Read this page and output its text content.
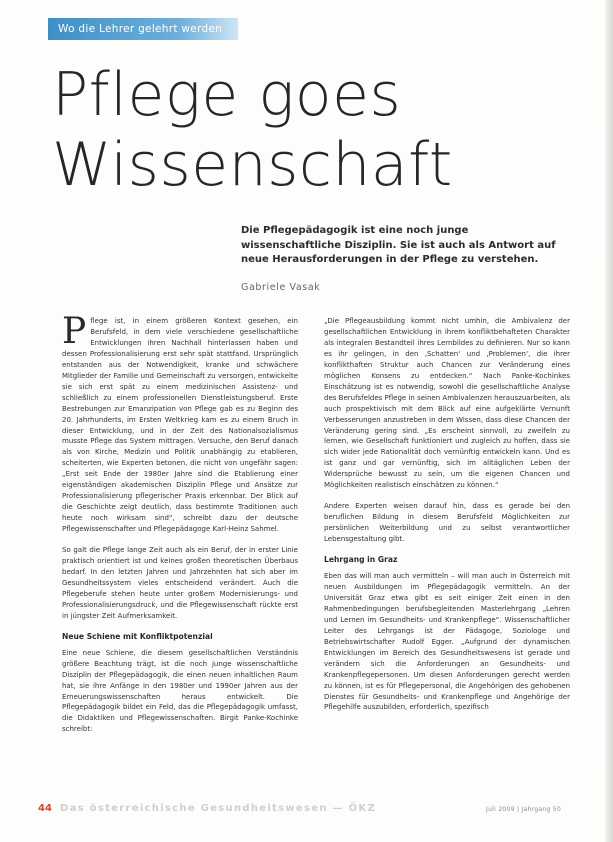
Wo die Lehrer gelehrt werden
Pflege goes
Wissenschaft

Die Pflegepädagogik ist eine noch junge wissenschaftliche Disziplin. Sie ist auch als Antwort auf neue Herausforderungen in der Pflege zu verstehen.

Gabriele Vasak

Pflege ist, in einem größeren Kontext gesehen, ein Berufsfeld, in dem viele verschiedene gesellschaftliche Entwicklungen ihren Nachhall hinterlassen haben und dessen Professionalisierung erst sehr spät stattfand. Ursprünglich entstanden aus der Notwendigkeit, kranke und schwächere Mitglieder der Familie und Gemeinschaft zu versorgen, entwickelte sie sich erst spät zu einem medizinischen Assistenz- und schließlich zu einem professionellen Dienstleistungsberuf. Erste Bestrebungen zur Emanzipation von Pflege gab es zu Beginn des 20. Jahrhunderts, im Ersten Weltkrieg kam es zu einem Bruch in dieser Entwicklung, und in der Zeit des Nationalsozialismus musste Pflege das System mittragen. Versuche, den Beruf danach als von Kirche, Medizin und Politik unabhängig zu etablieren, scheiterten, wie Experten betonen, die nicht von ungefähr sagen: „Erst seit Ende der 1980er Jahre sind die Etablierung einer eigenständigen akademischen Disziplin Pflege und Ansätze zur Professionalisierung pflegerischer Praxis erkennbar. Der Blick auf die Geschichte zeigt deutlich, dass bestimmte Traditionen auch heute noch wirksam sind“, schreibt dazu der deutsche Pflegewissenschafter und Pflegepädagoge Karl-Heinz Sahmel.

So galt die Pflege lange Zeit auch als ein Beruf, der in erster Linie praktisch orientiert ist und keines großen theoretischen Überbaus bedarf. In den letzten Jahren und Jahrzehnten hat sich aber im Gesundheitssystem vieles entscheidend verändert. Auch die Pflegeberufe stehen heute unter großem Modernisierungs- und Professionalisierungsdruck, und die Pflegewissenschaft rückte erst in jüngster Zeit Aufmerksamkeit.

Neue Schiene mit Konfliktpotenzial

Eine neue Schiene, die diesem gesellschaftlichen Verständnis größere Beachtung trägt, ist die noch junge wissenschaftliche Disziplin der Pflegepädagogik, die einen neuen inhaltlichen Raum hat, sie ihre Anfänge in den 1980er und 1990er Jahren aus der Erneuerungswissenschaften heraus entwickelt. Die Pflegepädagogik bildet ein Feld, das die Pflegepädagogik umfasst, die Didaktiken und Pflegewissenschaften. Birgit Panke-Kochinke schreibt:

„Die Pflegeausbildung kommt nicht umhin, die Ambivalenz der gesellschaftlichen Entwicklung in ihrem konfliktbehafteten Charakter als integralen Bestandteil ihres Lernbildes zu definieren. Nur so kann es ihr gelingen, in den ‚Schatten‘ und ‚Problemen‘, die ihrer konflikthaften Struktur auch Chancen zur Veränderung eines möglichen Konsens zu entdecken.“ Nach Panke-Kochinkes Einschätzung ist es notwendig, sowohl die gesellschaftliche Analyse des Berufsfeldes Pflege in seinen Ambivalenzen herauszuarbeiten, als auch prospektivisch mit dem Blick auf eine aufgeklärte Vernunft Verbesserungen anzustreben in dem Wissen, dass diese Chancen der Veränderung gering sind. „Es erscheint sinnvoll, zu zweifeln zu lernen, wie Gesellschaft funktioniert und zugleich zu hoffen, dass sie sich wider jede Rationalität doch vernünftig entwickeln kann. Und es ist ganz und gar vernünftig, sich im alltäglichen Leben der Widersprüche bewusst zu sein, um die eigenen Chancen und Möglichkeiten realistisch einschätzen zu können.“

Andere Experten weisen darauf hin, dass es gerade bei den beruflichen Bildung in diesem Berufsfeld Möglichkeiten zur persönlichen Weiterbildung und zu selbst verantwortlicher Lebensgestaltung gibt.

Lehrgang in Graz

Eben das will man auch vermitteln – will man auch in Österreich mit neuen Ausbildungen im Pflegepädagogik vermitteln. An der Universität Graz etwa gibt es seit einiger Zeit einen in den Rahmenbedingungen berufsbegleitenden Masterlehrgang „Lehren und Lernen im Gesundheits- und Krankenpflege“. Wissenschaftlicher Leiter des Lehrgangs ist der Pädagoge, Soziologe und Betriebswirtschafter Rudolf Egger. „Aufgrund der dynamischen Entwicklungen im Bereich des Gesundheitswesens ist gerade und verändern sich die Anforderungen an Gesundheits- und Krankenpflegepersonen. Um diesen Anforderungen gerecht werden zu können, ist es für Pflegepersonal, die Angehörigen des gehobenen Dienstes für Gesundheits- und Krankenpflege und Angehörige der Pflegehilfe auszubilden, erforderlich, spezifisch

44 Das österreichische Gesundheitswesen — ÖKZ	Juli 2009 | Jahrgang 50
